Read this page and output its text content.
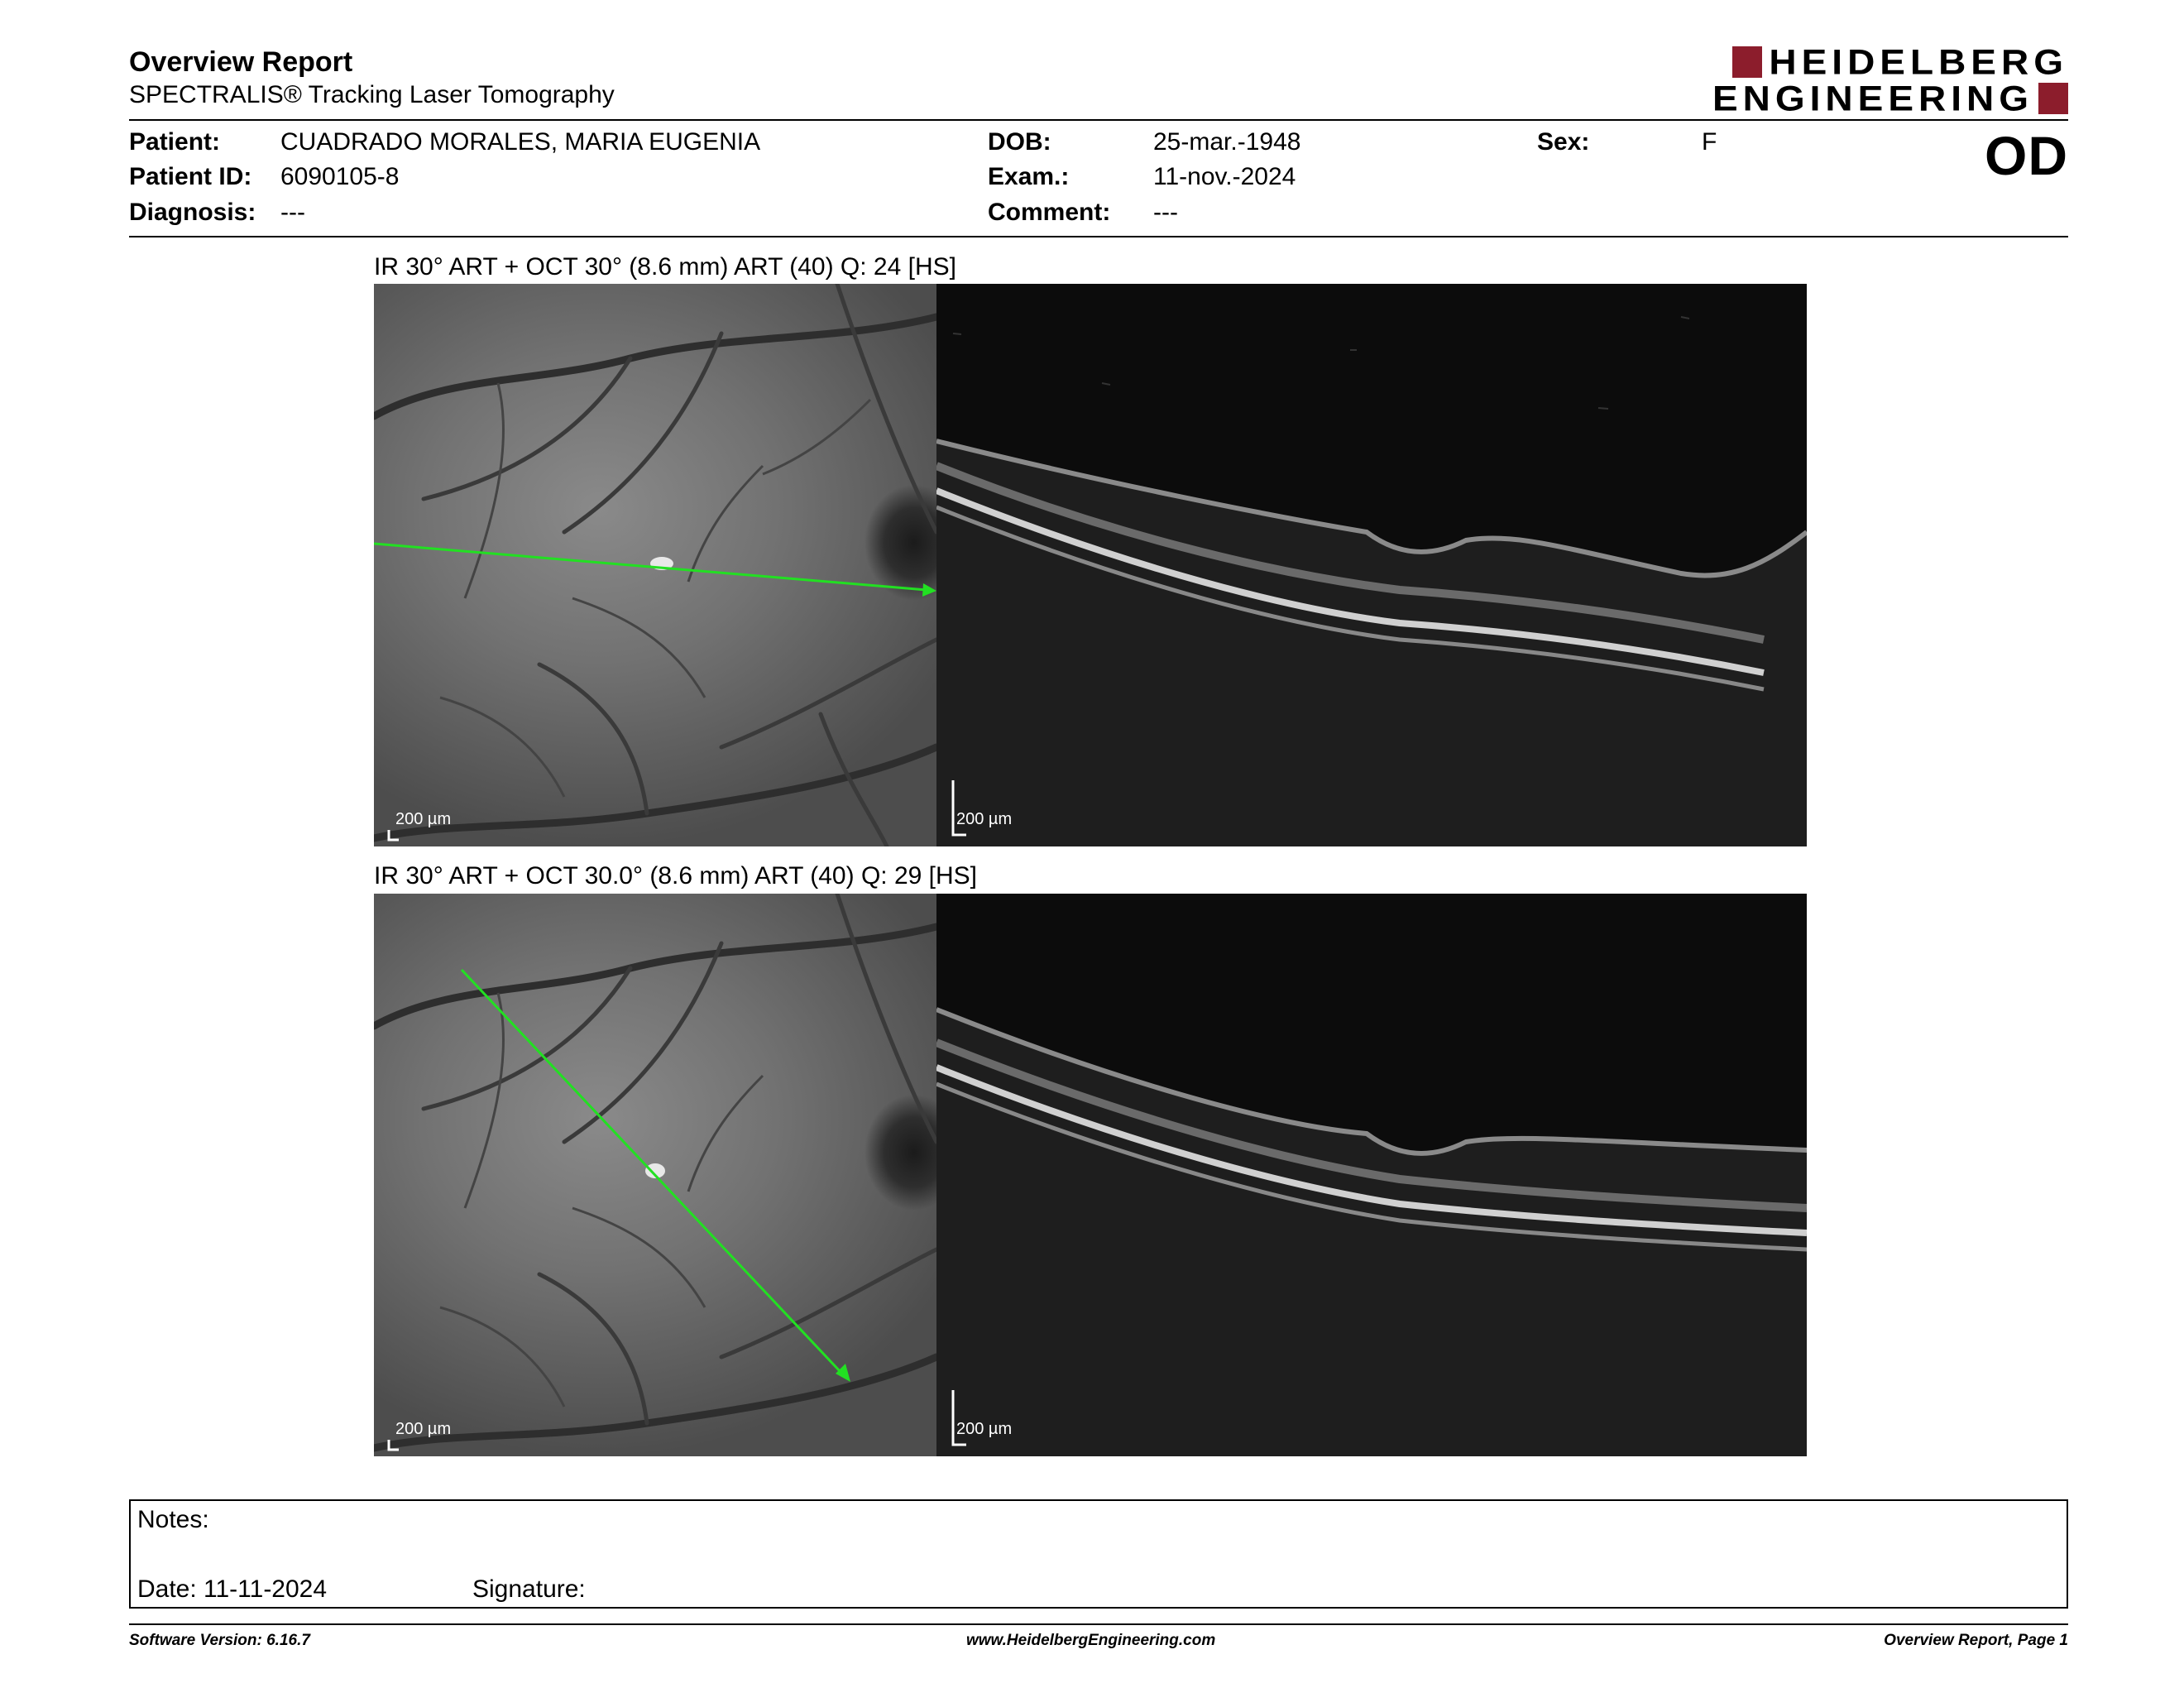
Overview Report
SPECTRALIS® Tracking Laser Tomography
HEIDELBERG
ENGINEERING
Patient: CUADRADO MORALES, MARIA EUGENIA
Patient ID: 6090105-8
Diagnosis: ---
DOB:	25-mar.-1948
Exam.:	11-nov.-2024
Comment: ---
Sex:	F	OD
IR 30° ART + OCT 30° (8.6 mm) ART (40) Q: 24 [HS]
200 µm	200 µm
IR 30° ART + OCT 30.0° (8.6 mm) ART (40) Q: 29 [HS]
200 µm	200 µm
Notes:
Date: 11-11-2024	Signature:
Software Version: 6.16.7	www.HeidelbergEngineering.com	Overview Report, Page 1
